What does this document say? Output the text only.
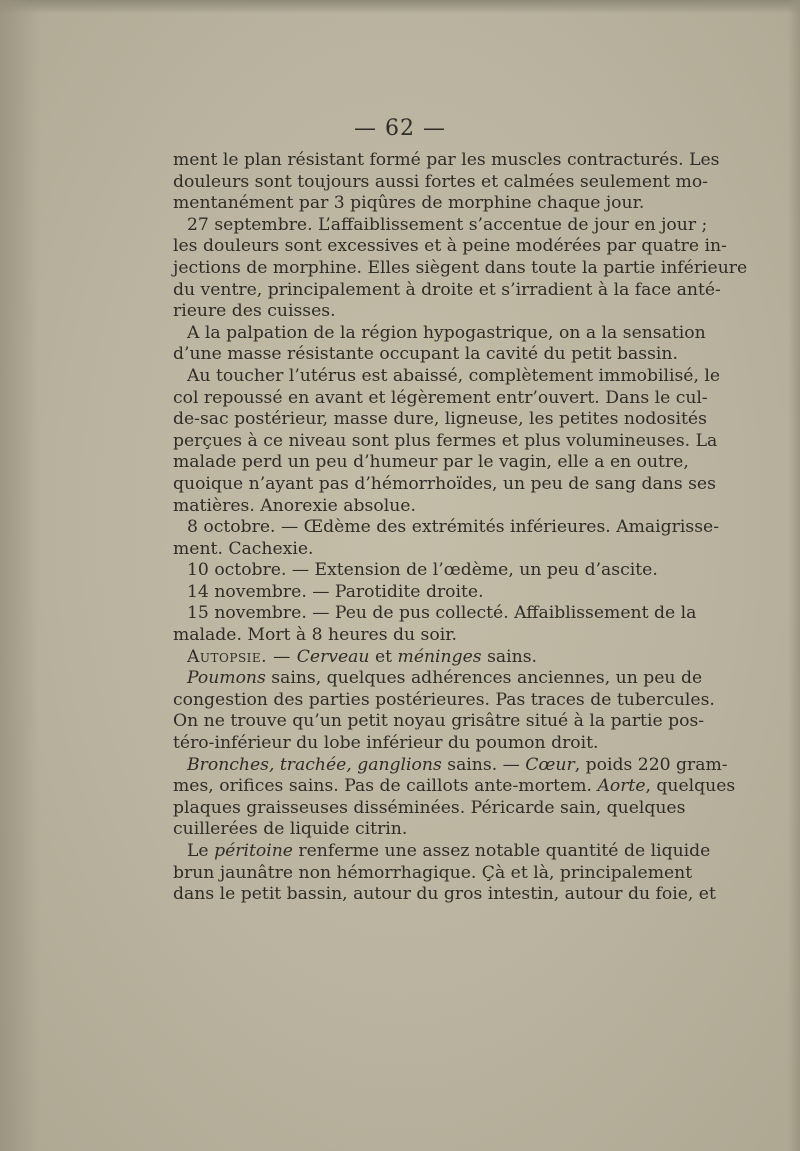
— 62 —
ment le plan résistant formé par les muscles contracturés. Les
douleurs sont toujours aussi fortes et calmées seulement mo-
mentanément par 3 piqûres de morphine chaque jour.
27 septembre. L’affaiblissement s’accentue de jour en jour ;
les douleurs sont excessives et à peine modérées par quatre in-
jections de morphine. Elles siègent dans toute la partie inférieure
du ventre, principalement à droite et s’irradient à la face anté-
rieure des cuisses.
A la palpation de la région hypogastrique, on a la sensation
d’une masse résistante occupant la cavité du petit bassin.
Au toucher l’utérus est abaissé, complètement immobilisé, le
col repoussé en avant et légèrement entr’ouvert. Dans le cul-
de-sac postérieur, masse dure, ligneuse, les petites nodosités
perçues à ce niveau sont plus fermes et plus volumineuses. La
malade perd un peu d’humeur par le vagin, elle a en outre,
quoique n’ayant pas d’hémorrhoïdes, un peu de sang dans ses
matières. Anorexie absolue.
8 octobre. — Œdème des extrémités inférieures. Amaigrisse-
ment. Cachexie.
10 octobre. — Extension de l’œdème, un peu d’ascite.
14 novembre. — Parotidite droite.
15 novembre. — Peu de pus collecté. Affaiblissement de la
malade. Mort à 8 heures du soir.
Autopsie. — Cerveau et méninges sains.
Poumons sains, quelques adhérences anciennes, un peu de
congestion des parties postérieures. Pas traces de tubercules.
On ne trouve qu’un petit noyau grisâtre situé à la partie pos-
téro-inférieur du lobe inférieur du poumon droit.
Bronches, trachée, ganglions sains. — Cœur, poids 220 gram-
mes, orifices sains. Pas de caillots ante-mortem. Aorte, quelques
plaques graisseuses disséminées. Péricarde sain, quelques
cuillerées de liquide citrin.
Le péritoine renferme une assez notable quantité de liquide
brun jaunâtre non hémorrhagique. Çà et là, principalement
dans le petit bassin, autour du gros intestin, autour du foie, et
